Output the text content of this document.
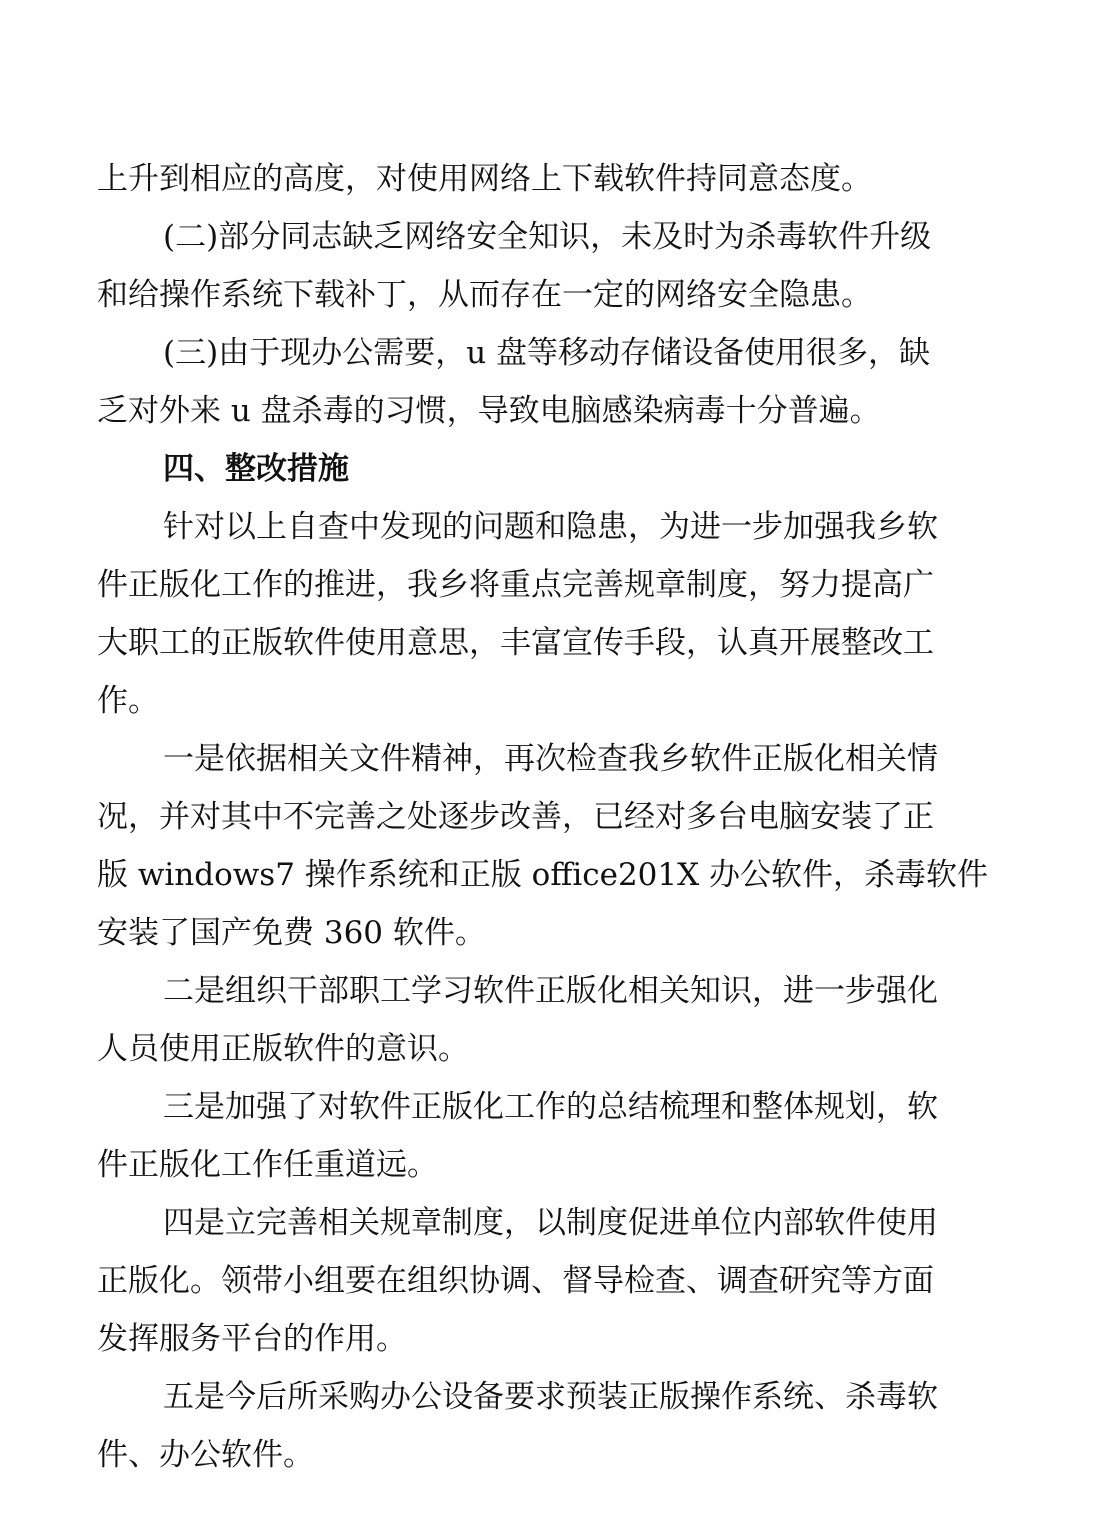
上升到相应的高度，对使用网络上下载软件持同意态度。
(二)部分同志缺乏网络安全知识，未及时为杀毒软件升级
和给操作系统下载补丁，从而存在一定的网络安全隐患。
(三)由于现办公需要，u 盘等移动存储设备使用很多，缺
乏对外来 u 盘杀毒的习惯，导致电脑感染病毒十分普遍。
四、整改措施
针对以上自查中发现的问题和隐患，为进一步加强我乡软
件正版化工作的推进，我乡将重点完善规章制度，努力提高广
大职工的正版软件使用意思，丰富宣传手段，认真开展整改工
作。
一是依据相关文件精神，再次检查我乡软件正版化相关情
况，并对其中不完善之处逐步改善，已经对多台电脑安装了正
版 windows7 操作系统和正版 office201X 办公软件，杀毒软件
安装了国产免费 360 软件。
二是组织干部职工学习软件正版化相关知识，进一步强化
人员使用正版软件的意识。
三是加强了对软件正版化工作的总结梳理和整体规划，软
件正版化工作任重道远。
四是立完善相关规章制度，以制度促进单位内部软件使用
正版化。领带小组要在组织协调、督导检查、调查研究等方面
发挥服务平台的作用。
五是今后所采购办公设备要求预装正版操作系统、杀毒软
件、办公软件。
